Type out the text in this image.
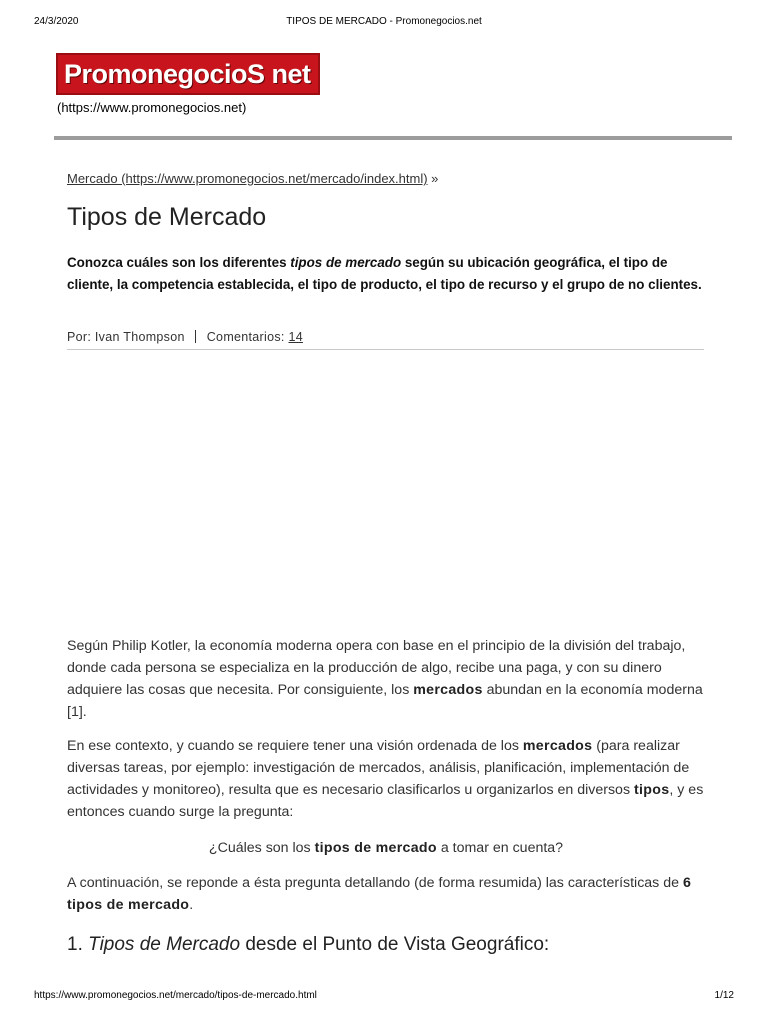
24/3/2020	TIPOS DE MERCADO - Promonegocios.net
PromonegocioS net
(https://www.promonegocios.net)
Mercado (https://www.promonegocios.net/mercado/index.html) »
Tipos de Mercado

Conozca cuáles son los diferentes tipos de mercado según su ubicación geográfica, el tipo de cliente, la competencia establecida, el tipo de producto, el tipo de recurso y el grupo de no clientes.

Por: Ivan Thompson Comentarios: 14

Según Philip Kotler, la economía moderna opera con base en el principio de la división del trabajo, donde cada persona se especializa en la producción de algo, recibe una paga, y con su dinero adquiere las cosas que necesita. Por consiguiente, los mercados abundan en la economía moderna [1].

En ese contexto, y cuando se requiere tener una visión ordenada de los mercados (para realizar diversas tareas, por ejemplo: investigación de mercados, análisis, planificación, implementación de actividades y monitoreo), resulta que es necesario clasificarlos u organizarlos en diversos tipos, y es entonces cuando surge la pregunta:

¿Cuáles son los tipos de mercado a tomar en cuenta?

A continuación, se reponde a ésta pregunta detallando (de forma resumida) las características de 6 tipos de mercado.

1. Tipos de Mercado desde el Punto de Vista Geográfico:
https://www.promonegocios.net/mercado/tipos-de-mercado.html	1/12
